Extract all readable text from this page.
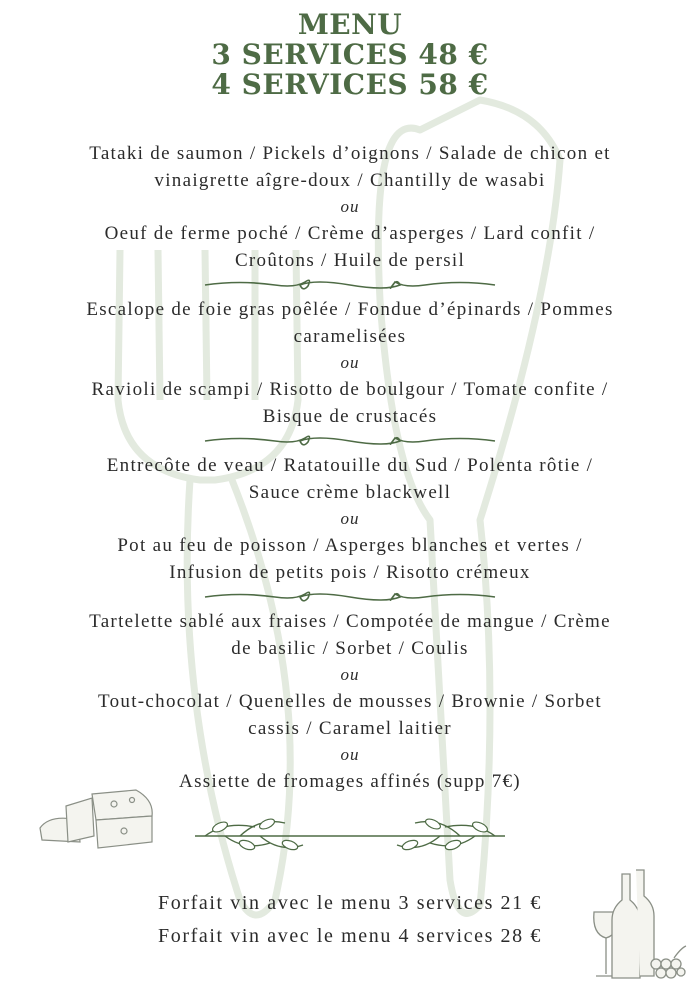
MENU
3 SERVICES 48 €
4 SERVICES 58 €
Tataki de saumon / Pickels d’oignons / Salade de chicon et
vinaigrette aîgre-doux / Chantilly de wasabi
ou
Oeuf de ferme poché / Crème d’asperges / Lard confit /
Croûtons / Huile de persil
Escalope de foie gras poêlée / Fondue d’épinards / Pommes
caramelisées
ou
Ravioli de scampi / Risotto de boulgour / Tomate confite /
Bisque de crustacés
Entrecôte de veau / Ratatouille du Sud / Polenta rôtie /
Sauce crème blackwell
ou
Pot au feu de poisson / Asperges blanches et vertes /
Infusion de petits pois / Risotto crémeux
Tartelette sablé aux fraises / Compotée de mangue / Crème
de basilic / Sorbet / Coulis
ou
Tout-chocolat / Quenelles de mousses / Brownie / Sorbet
cassis / Caramel laitier
ou
Assiette de fromages affinés (supp 7€)
Forfait vin avec le menu 3 services 21 €
Forfait vin avec le menu 4 services 28 €
